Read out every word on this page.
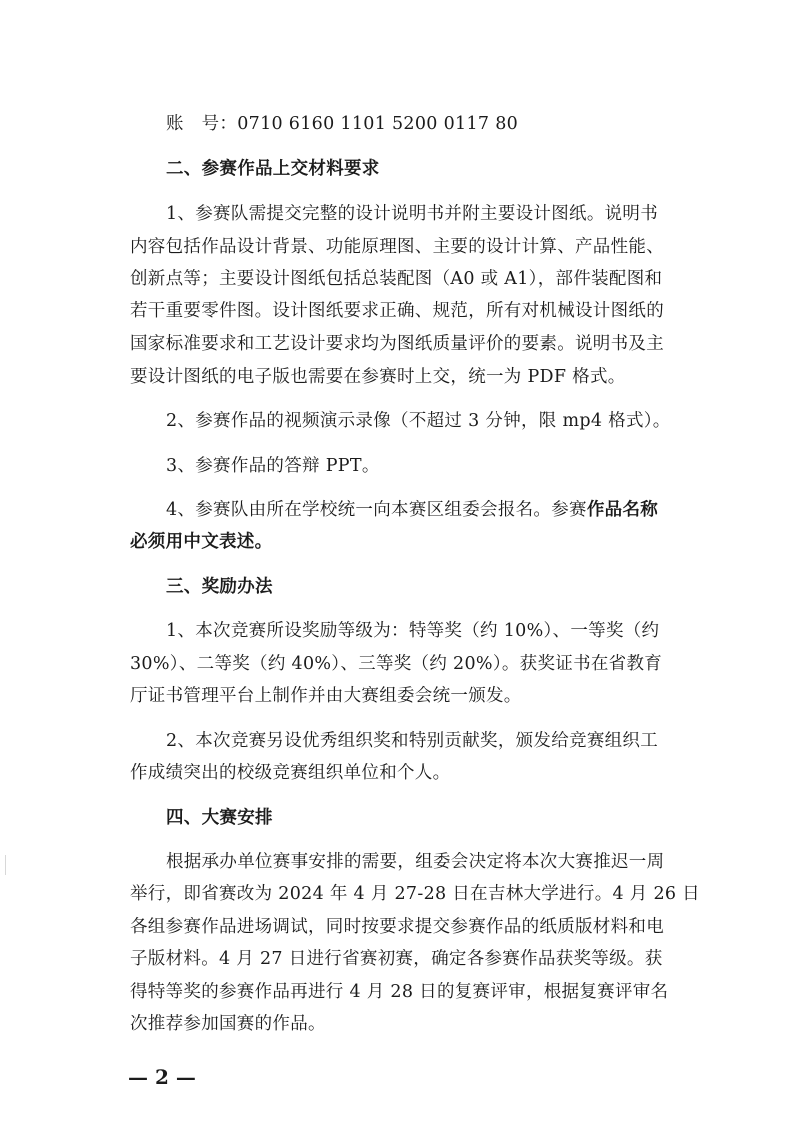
账　号：0710 6160 1101 5200 0117 80
二、参赛作品上交材料要求
1、参赛队需提交完整的设计说明书并附主要设计图纸。说明书
内容包括作品设计背景、功能原理图、主要的设计计算、产品性能、
创新点等；主要设计图纸包括总装配图（A0 或 A1），部件装配图和
若干重要零件图。设计图纸要求正确、规范，所有对机械设计图纸的
国家标准要求和工艺设计要求均为图纸质量评价的要素。说明书及主
要设计图纸的电子版也需要在参赛时上交，统一为 PDF 格式。
2、参赛作品的视频演示录像（不超过 3 分钟，限 mp4 格式）。
3、参赛作品的答辩 PPT。
4、参赛队由所在学校统一向本赛区组委会报名。参赛作品名称
必须用中文表述。
三、奖励办法
1、本次竞赛所设奖励等级为：特等奖（约 10%）、一等奖（约
30%）、二等奖（约 40%）、三等奖（约 20%）。获奖证书在省教育
厅证书管理平台上制作并由大赛组委会统一颁发。
2、本次竞赛另设优秀组织奖和特别贡献奖，颁发给竞赛组织工
作成绩突出的校级竞赛组织单位和个人。
四、大赛安排
根据承办单位赛事安排的需要，组委会决定将本次大赛推迟一周
举行，即省赛改为 2024 年 4 月 27-28 日在吉林大学进行。4 月 26 日
各组参赛作品进场调试，同时按要求提交参赛作品的纸质版材料和电
子版材料。4 月 27 日进行省赛初赛，确定各参赛作品获奖等级。获
得特等奖的参赛作品再进行 4 月 28 日的复赛评审，根据复赛评审名
次推荐参加国赛的作品。
— 2 —
